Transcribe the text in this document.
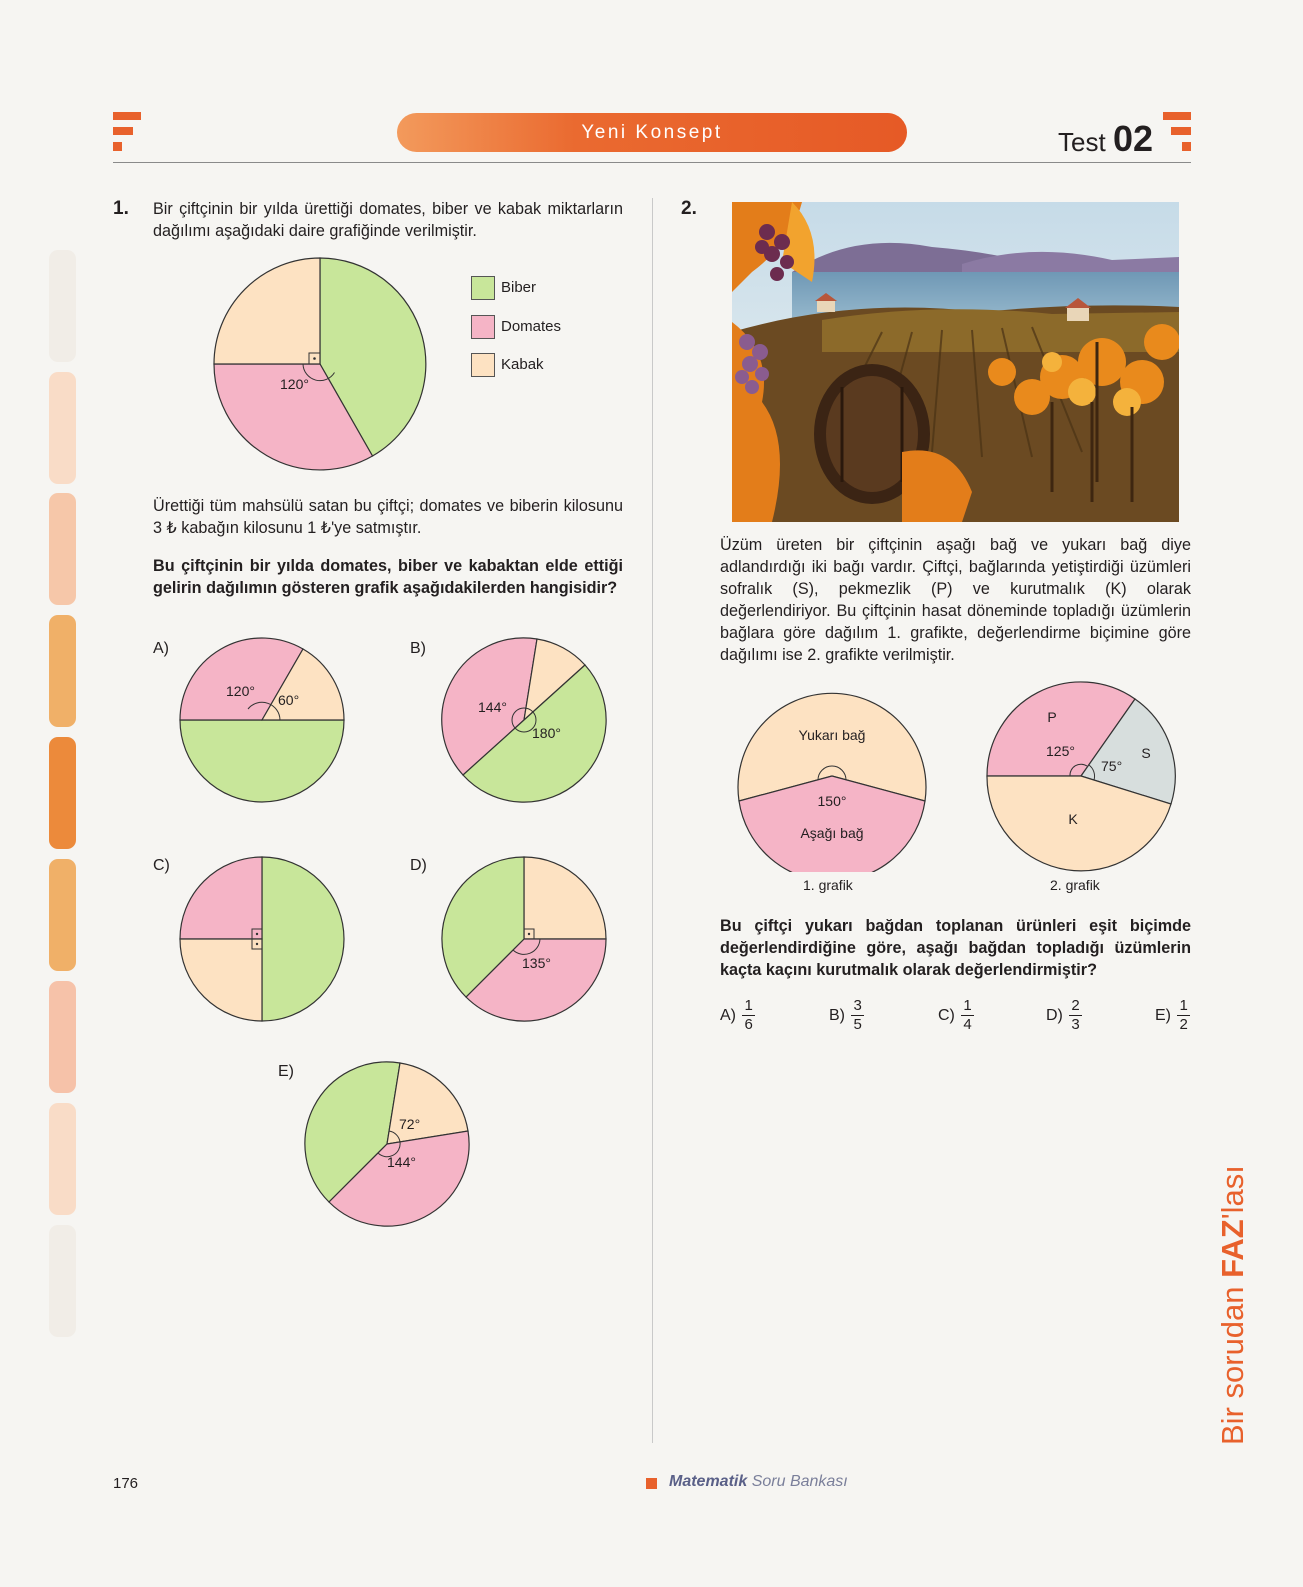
Yeni Konsept	Test 02
1. Bir çiftçinin bir yılda ürettiği domates, biber ve kabak miktarların dağılımı aşağıdaki daire grafiğinde verilmiştir.
120°
Biber
Domates
Kabak
Ürettiği tüm mahsülü satan bu çiftçi; domates ve biberin kilosunu 3 ₺ kabağın kilosunu 1 ₺'ye satmıştır.
Bu çiftçinin bir yılda domates, biber ve kabaktan elde ettiği gelirin dağılımın gösteren grafik aşağıdakilerden hangisidir?
A)
120°
60°
B)
144°
180°
C)	D)
135°
E)
72°
144°
2.
Üzüm üreten bir çiftçinin aşağı bağ ve yukarı bağ diye adlandırdığı iki bağı vardır. Çiftçi, bağlarında yetiştirdiği üzümleri sofralık (S), pekmezlik (P) ve kurutmalık (K) olarak değerlendiriyor. Bu çiftçinin hasat döneminde topladığı üzümlerin bağlara göre dağılım 1. grafikte, değerlendirme biçimine göre dağılımı ise 2. grafikte verilmiştir.
Yukarı bağ
150°
Aşağı bağ
1. grafik
P
125°
75°
S
K
2. grafik
Bu çiftçi yukarı bağdan toplanan ürünleri eşit biçimde değerlendirdiğine göre, aşağı bağdan topladığı üzümlerin kaçta kaçını kurutmalık olarak değerlendirmiştir?
$A) \frac{1}{6}$	$B) \frac{3}{5}$	$C) \frac{1}{4}$	$D) \frac{2}{3}$	$E) \frac{1}{2}$
Bir sorudan FAZ'lası
176	Matematik Soru Bankası
